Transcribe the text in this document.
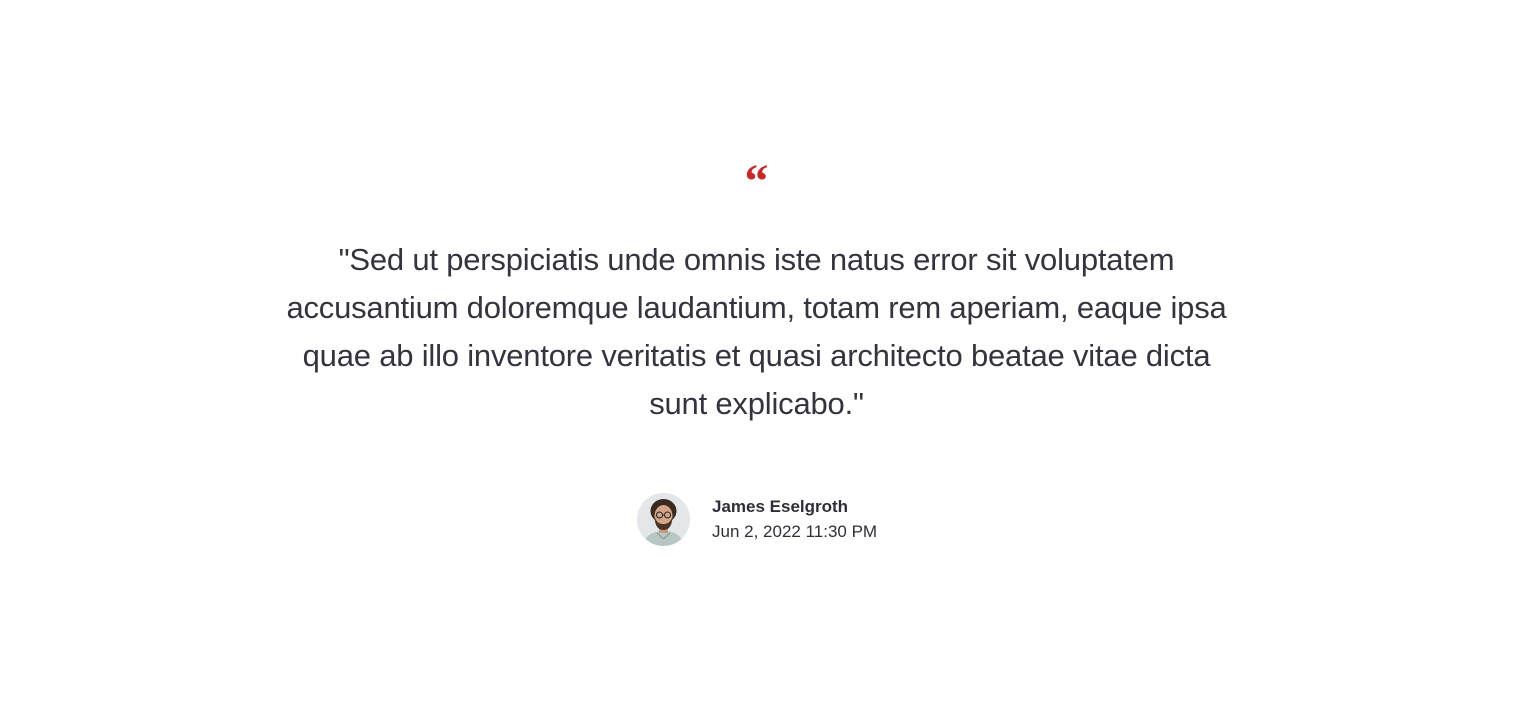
“
"Sed ut perspiciatis unde omnis iste natus error sit voluptatem accusantium doloremque laudantium, totam rem aperiam, eaque ipsa quae ab illo inventore veritatis et quasi architecto beatae vitae dicta sunt explicabo."
James Eselgroth
Jun 2, 2022 11:30 PM
